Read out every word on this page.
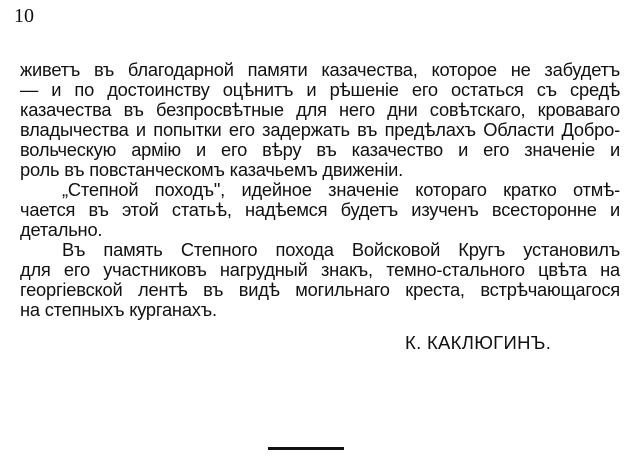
10
живетъ въ благодарной памяти казачества, которое не забудетъ
— и по достоинству оцѣнитъ и рѣшеніе его остаться съ средѣ
казачества въ безпросвѣтные для него дни совѣтскаго, кроваваго
владычества и попытки его задержать въ предѣлахъ Области Добро-
вольческую армію и его вѣру въ казачество и его значеніе и
роль въ повстанческомъ казачьемъ движеніи.
„Степной походъ", идейное значеніе котораго кратко отмѣ-
чается въ этой статьѣ, надѣемся будетъ изученъ всесторонне и
детально.
Въ память Степного похода Войсковой Кругъ установилъ
для его участниковъ нагрудный знакъ, темно-стального цвѣта на
георгіевской лентѣ въ видѣ могильнаго креста, встрѣчающагося
на степныхъ курганахъ.
К. КАКЛЮГИНЪ.
